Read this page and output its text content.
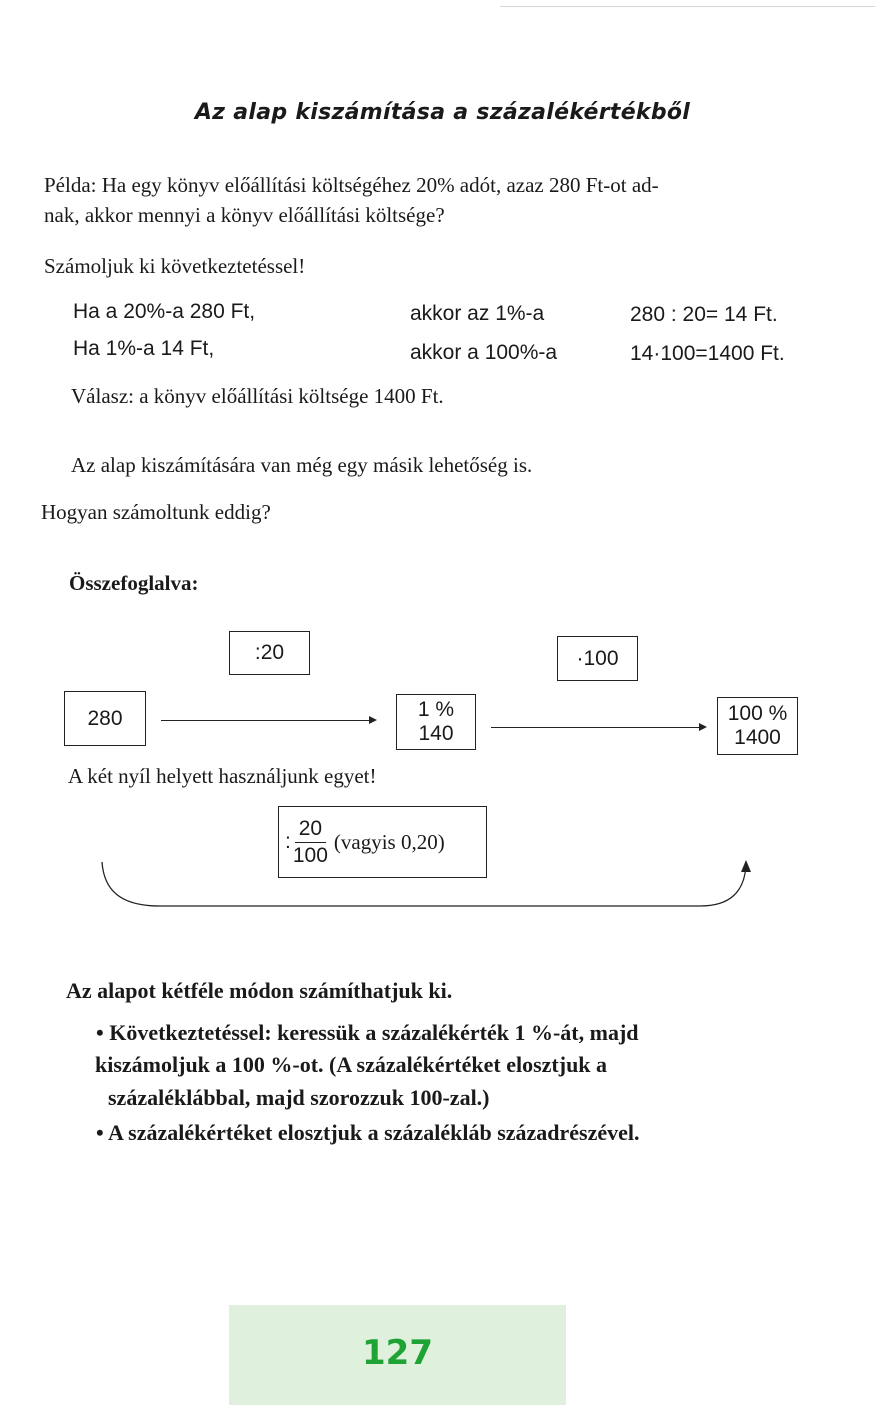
Az alap kiszámítása a százalékértékből
Példa: Ha egy könyv előállítási költségéhez 20% adót, azaz 280 Ft-ot ad-
nak, akkor mennyi a könyv előállítási költsége?
Számoljuk ki következtetéssel!
Ha a 20%-a 280 Ft,	akkor az 1%-a	280 : 20= 14 Ft.
Ha 1%-a 14 Ft,	akkor a 100%-a	14·100=1400 Ft.
Válasz: a könyv előállítási költsége 1400 Ft.
Az alap kiszámítására van még egy másik lehetőség is.
Hogyan számoltunk eddig?
Összefoglalva:
:20	·100
280	1 %
140
100 %
1400
A két nyíl helyett használjunk egyet!
: $\frac{20}{100}$ (vagyis 0,20)
Az alapot kétféle módon számíthatjuk ki.
• Következtetéssel: keressük a százalékérték 1 %-át, majd
kiszámoljuk a 100 %-ot. (A százalékértéket elosztjuk a
százaléklábbal, majd szorozzuk 100-zal.)
• A százalékértéket elosztjuk a százalékláb századrészével.
127
